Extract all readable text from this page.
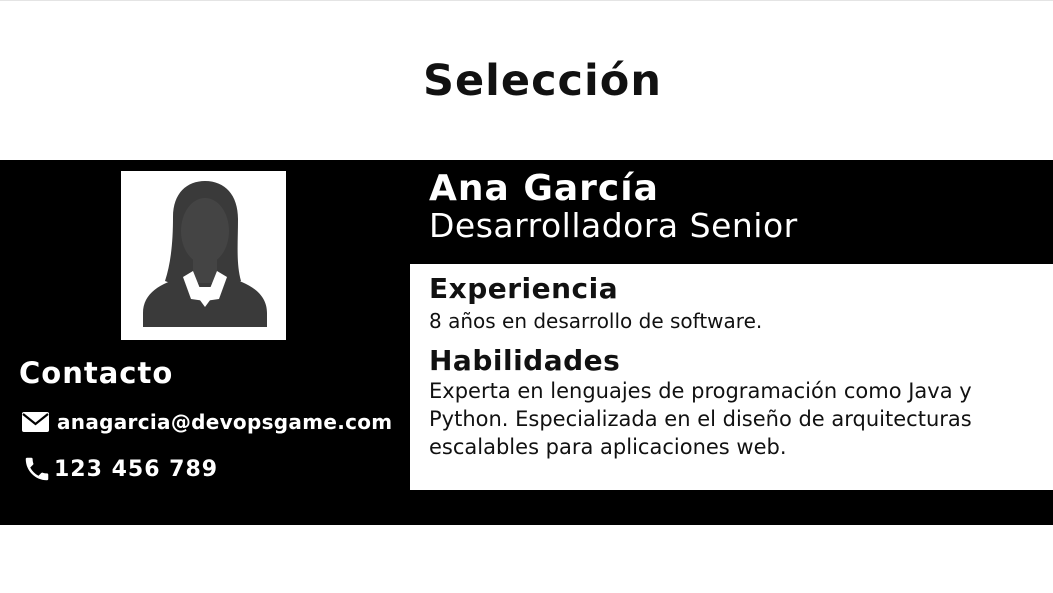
Selección
Contacto
anagarcia@devopsgame.com
123 456 789
Ana García
Desarrolladora Senior
Experiencia
8 años en desarrollo de software.
Habilidades
Experta en lenguajes de programación como Java y Python. Especializada en el diseño de arquitecturas escalables para aplicaciones web.
